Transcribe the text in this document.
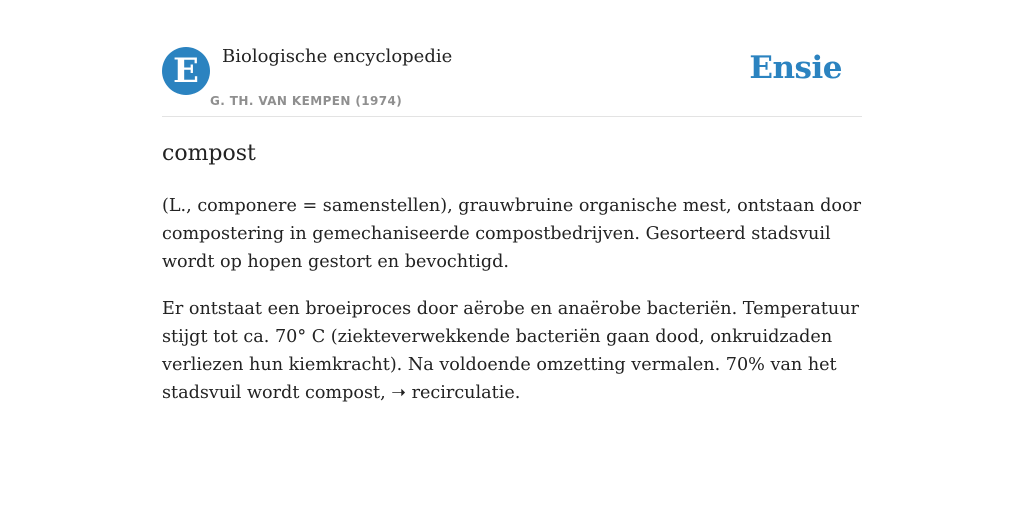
E	Biologische encyclopedie
G. TH. VAN KEMPEN (1974)
Ensie
compost

(L., componere = samenstellen), grauwbruine organische mest, ontstaan door compostering in gemechaniseerde compostbedrijven. Gesorteerd stadsvuil wordt op hopen gestort en bevochtigd.

Er ontstaat een broeiproces door aërobe en anaërobe bacteriën. Temperatuur stijgt tot ca. 70° C (ziekteverwekkende bacteriën gaan dood, onkruidzaden verliezen hun kiemkracht). Na voldoende omzetting vermalen. 70% van het stadsvuil wordt compost, ➝ recirculatie.
